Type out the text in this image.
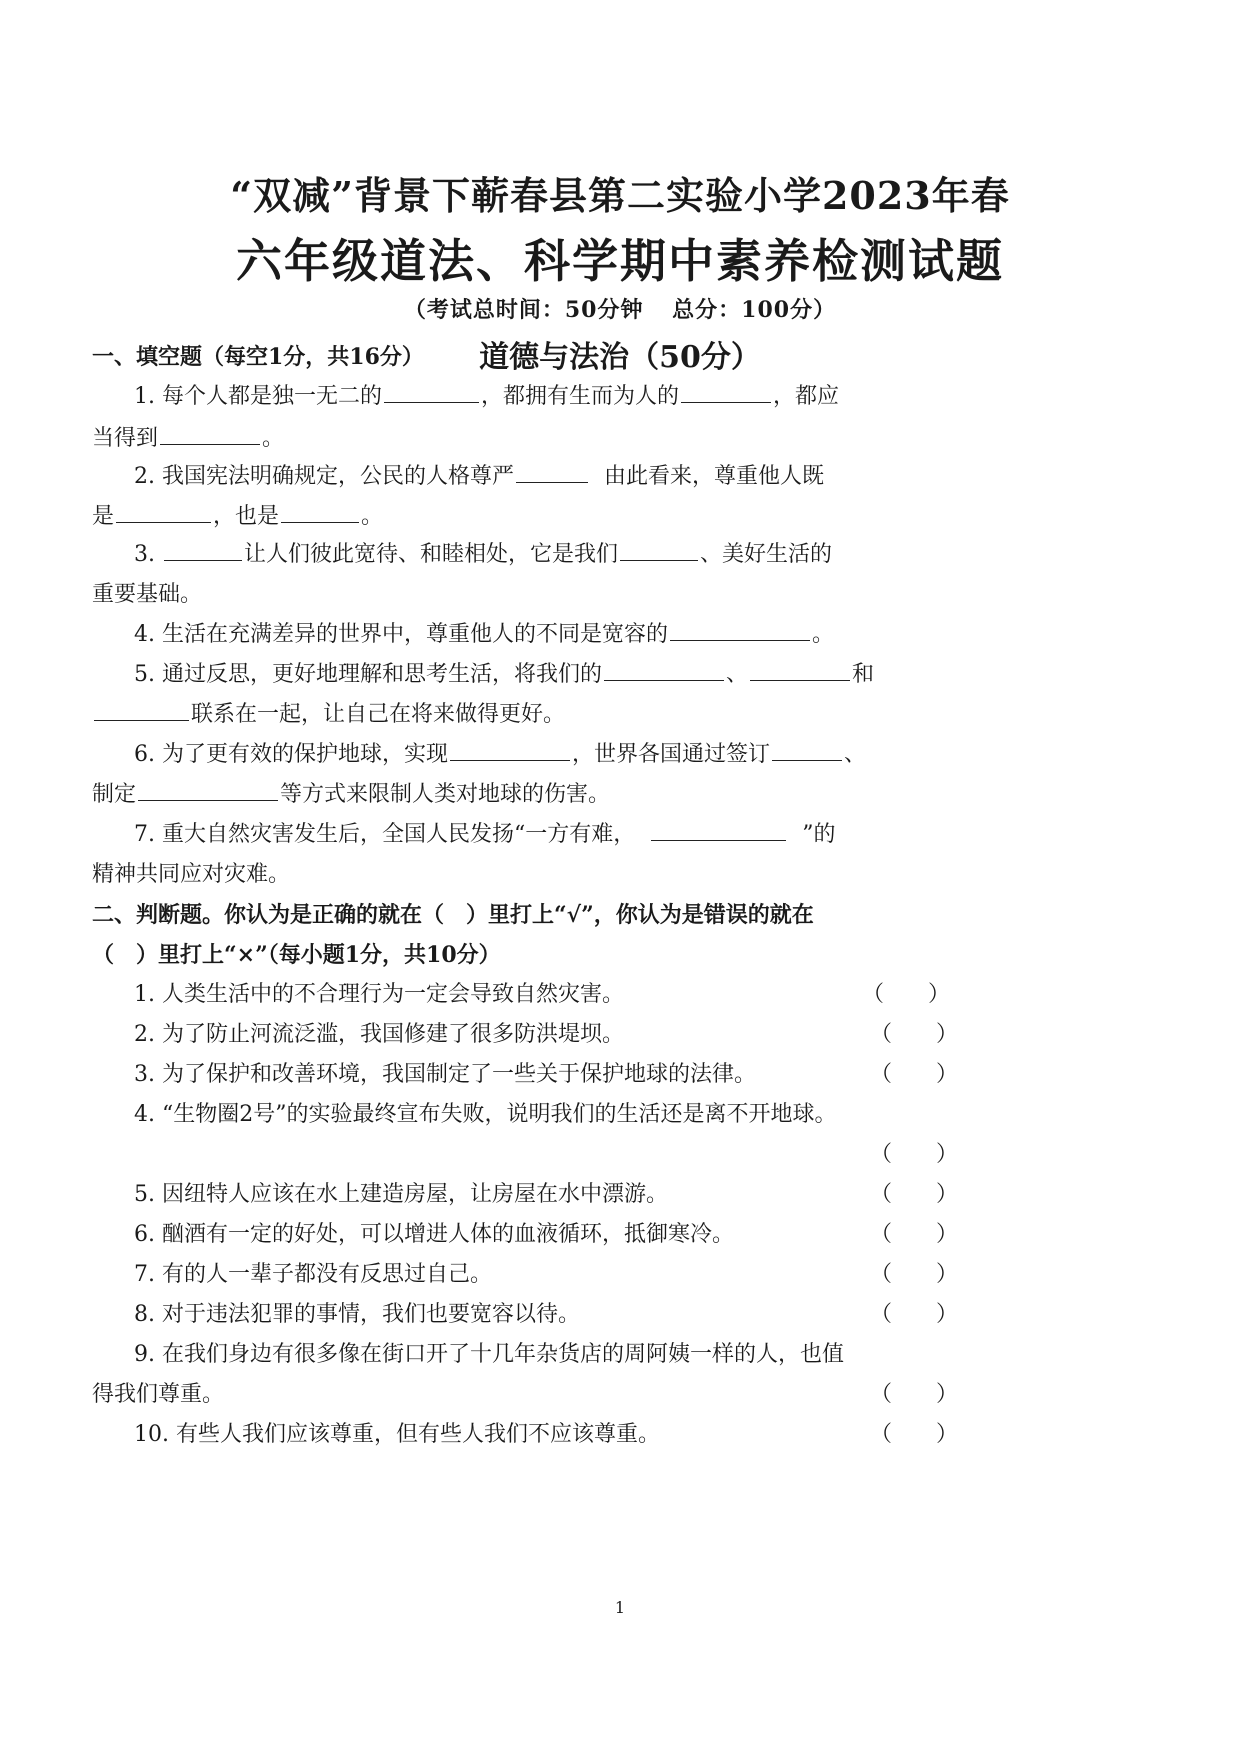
“双减”背景下蕲春县第二实验小学2023年春
六年级道法、科学期中素养检测试题
（考试总时间：50分钟 总分：100分）
道德与法治（50分）
一、填空题（每空1分，共16分）
1. 每个人都是独一无二的	，都拥有生而为人的	，都应
当得到	。
2. 我国宪法明确规定，公民的人格尊严	由此看来，尊重他人既
是	，也是	。
3.	让人们彼此宽待、和睦相处，它是我们	、美好生活的
重要基础。
4. 生活在充满差异的世界中，尊重他人的不同是宽容的	。
5. 通过反思，更好地理解和思考生活，将我们的	、	和
联系在一起，让自己在将来做得更好。
6. 为了更有效的保护地球，实现	，世界各国通过签订	、
制定	等方式来限制人类对地球的伤害。
7. 重大自然灾害发生后，全国人民发扬“一方有难，	”的
精神共同应对灾难。
二、判断题。你认为是正确的就在（　）里打上“√”，你认为是错误的就在
（　）里打上“×”（每小题1分，共10分）
1. 人类生活中的不合理行为一定会导致自然灾害。	（　　）
2. 为了防止河流泛滥，我国修建了很多防洪堤坝。	（　　）
3. 为了保护和改善环境，我国制定了一些关于保护地球的法律。	（　　）
4. “生物圈2号”的实验最终宣布失败，说明我们的生活还是离不开地球。
（　　）
5. 因纽特人应该在水上建造房屋，让房屋在水中漂游。	（　　）
6. 酗酒有一定的好处，可以增进人体的血液循环，抵御寒冷。	（　　）
7. 有的人一辈子都没有反思过自己。	（　　）
8. 对于违法犯罪的事情，我们也要宽容以待。	（　　）
9. 在我们身边有很多像在街口开了十几年杂货店的周阿姨一样的人，也值
得我们尊重。	（　　）
10. 有些人我们应该尊重，但有些人我们不应该尊重。	（　　）
1
